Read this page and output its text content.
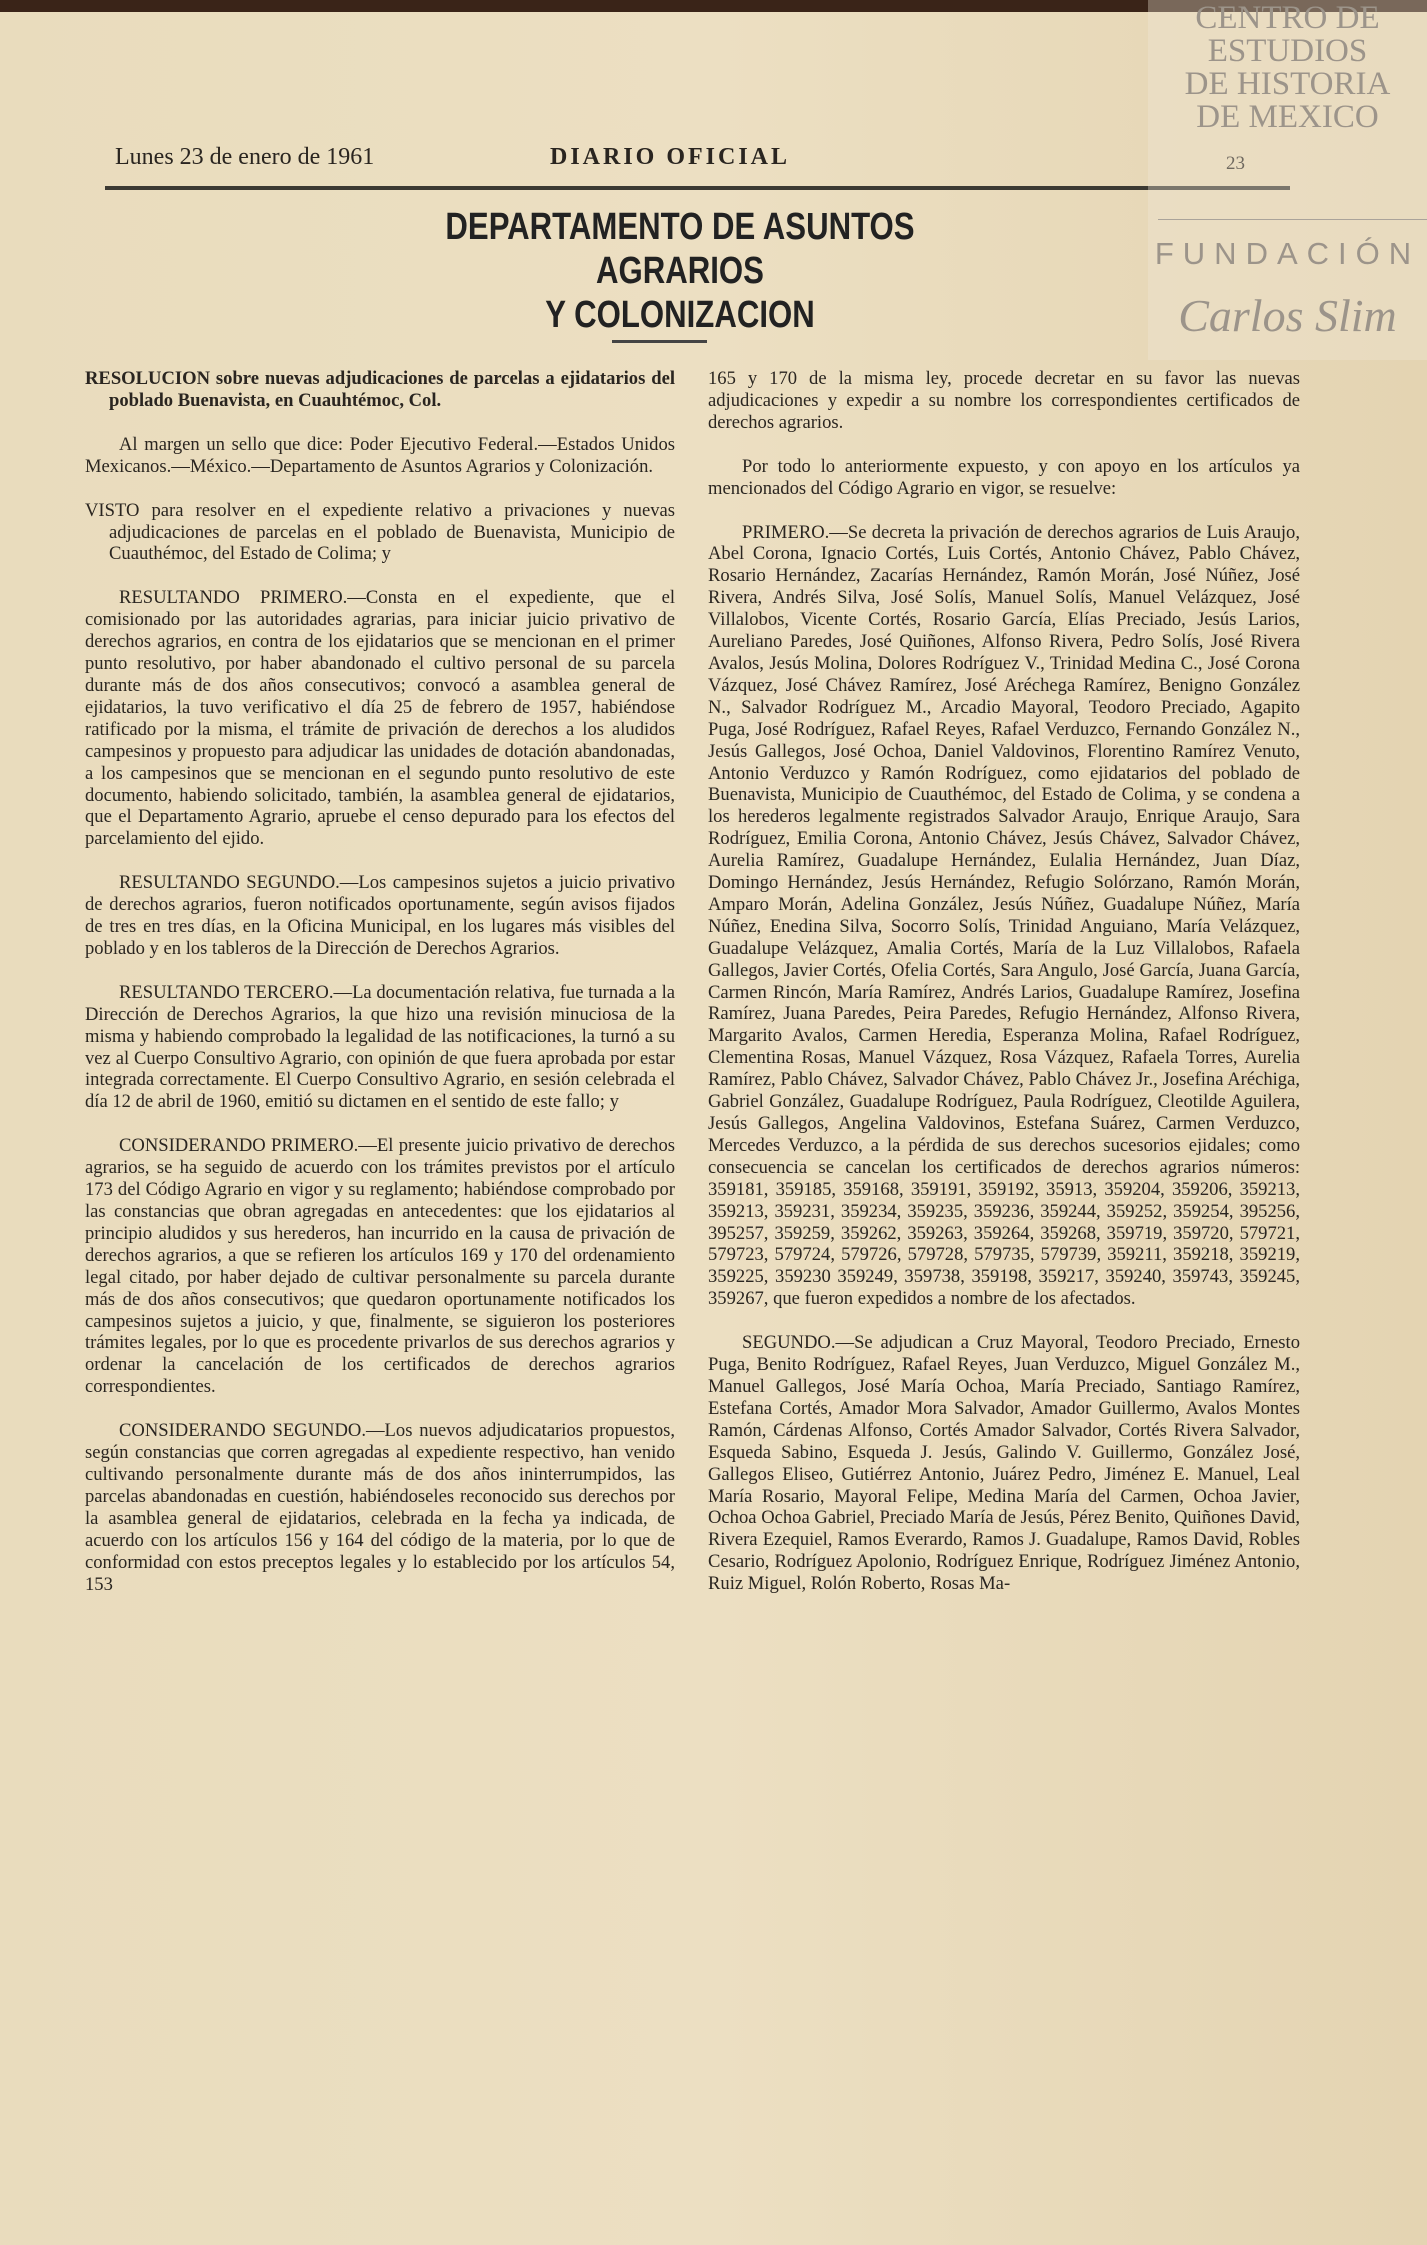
Lunes 23 de enero de 1961	DIARIO OFICIAL	23
DEPARTAMENTO DE ASUNTOS AGRARIOS
Y COLONIZACION
CENTRO DE
ESTUDIOS
DE HISTORIA
DE MEXICO
FUNDACIÓN
Carlos Slim

RESOLUCION sobre nuevas adjudicaciones de parcelas a ejidatarios del poblado Buenavista, en Cuauhtémoc, Col.

Al margen un sello que dice: Poder Ejecutivo Federal.—Estados Unidos Mexicanos.—México.—Departamento de Asuntos Agrarios y Colonización.

VISTO para resolver en el expediente relativo a privaciones y nuevas adjudicaciones de parcelas en el poblado de Buenavista, Municipio de Cuauthémoc, del Estado de Colima; y

RESULTANDO PRIMERO.—Consta en el expediente, que el comisionado por las autoridades agrarias, para iniciar juicio privativo de derechos agrarios, en contra de los ejidatarios que se mencionan en el primer punto resolutivo, por haber abandonado el cultivo personal de su parcela durante más de dos años consecutivos; convocó a asamblea general de ejidatarios, la tuvo verificativo el día 25 de febrero de 1957, habiéndose ratificado por la misma, el trámite de privación de derechos a los aludidos campesinos y propuesto para adjudicar las unidades de dotación abandonadas, a los campesinos que se mencionan en el segundo punto resolutivo de este documento, habiendo solicitado, también, la asamblea general de ejidatarios, que el Departamento Agrario, apruebe el censo depurado para los efectos del parcelamiento del ejido.

RESULTANDO SEGUNDO.—Los campesinos sujetos a juicio privativo de derechos agrarios, fueron notificados oportunamente, según avisos fijados de tres en tres días, en la Oficina Municipal, en los lugares más visibles del poblado y en los tableros de la Dirección de Derechos Agrarios.

RESULTANDO TERCERO.—La documentación relativa, fue turnada a la Dirección de Derechos Agrarios, la que hizo una revisión minuciosa de la misma y habiendo comprobado la legalidad de las notificaciones, la turnó a su vez al Cuerpo Consultivo Agrario, con opinión de que fuera aprobada por estar integrada correctamente. El Cuerpo Consultivo Agrario, en sesión celebrada el día 12 de abril de 1960, emitió su dictamen en el sentido de este fallo; y

CONSIDERANDO PRIMERO.—El presente juicio privativo de derechos agrarios, se ha seguido de acuerdo con los trámites previstos por el artículo 173 del Código Agrario en vigor y su reglamento; habiéndose comprobado por las constancias que obran agregadas en antecedentes: que los ejidatarios al principio aludidos y sus herederos, han incurrido en la causa de privación de derechos agrarios, a que se refieren los artículos 169 y 170 del ordenamiento legal citado, por haber dejado de cultivar personalmente su parcela durante más de dos años consecutivos; que quedaron oportunamente notificados los campesinos sujetos a juicio, y que, finalmente, se siguieron los posteriores trámites legales, por lo que es procedente privarlos de sus derechos agrarios y ordenar la cancelación de los certificados de derechos agrarios correspondientes.

CONSIDERANDO SEGUNDO.—Los nuevos adjudicatarios propuestos, según constancias que corren agregadas al expediente respectivo, han venido cultivando personalmente durante más de dos años ininterrumpidos, las parcelas abandonadas en cuestión, habiéndoseles reconocido sus derechos por la asamblea general de ejidatarios, celebrada en la fecha ya indicada, de acuerdo con los artículos 156 y 164 del código de la materia, por lo que de conformidad con estos preceptos legales y lo establecido por los artículos 54, 153

165 y 170 de la misma ley, procede decretar en su favor las nuevas adjudicaciones y expedir a su nombre los correspondientes certificados de derechos agrarios.

Por todo lo anteriormente expuesto, y con apoyo en los artículos ya mencionados del Código Agrario en vigor, se resuelve:

PRIMERO.—Se decreta la privación de derechos agrarios de Luis Araujo, Abel Corona, Ignacio Cortés, Luis Cortés, Antonio Chávez, Pablo Chávez, Rosario Hernández, Zacarías Hernández, Ramón Morán, José Núñez, José Rivera, Andrés Silva, José Solís, Manuel Solís, Manuel Velázquez, José Villalobos, Vicente Cortés, Rosario García, Elías Preciado, Jesús Larios, Aureliano Paredes, José Quiñones, Alfonso Rivera, Pedro Solís, José Rivera Avalos, Jesús Molina, Dolores Rodríguez V., Trinidad Medina C., José Corona Vázquez, José Chávez Ramírez, José Aréchega Ramírez, Benigno González N., Salvador Rodríguez M., Arcadio Mayoral, Teodoro Preciado, Agapito Puga, José Rodríguez, Rafael Reyes, Rafael Verduzco, Fernando González N., Jesús Gallegos, José Ochoa, Daniel Valdovinos, Florentino Ramírez Venuto, Antonio Verduzco y Ramón Rodríguez, como ejidatarios del poblado de Buenavista, Municipio de Cuauthémoc, del Estado de Colima, y se condena a los herederos legalmente registrados Salvador Araujo, Enrique Araujo, Sara Rodríguez, Emilia Corona, Antonio Chávez, Jesús Chávez, Salvador Chávez, Aurelia Ramírez, Guadalupe Hernández, Eulalia Hernández, Juan Díaz, Domingo Hernández, Jesús Hernández, Refugio Solórzano, Ramón Morán, Amparo Morán, Adelina González, Jesús Núñez, Guadalupe Núñez, María Núñez, Enedina Silva, Socorro Solís, Trinidad Anguiano, María Velázquez, Guadalupe Velázquez, Amalia Cortés, María de la Luz Villalobos, Rafaela Gallegos, Javier Cortés, Ofelia Cortés, Sara Angulo, José García, Juana García, Carmen Rincón, María Ramírez, Andrés Larios, Guadalupe Ramírez, Josefina Ramírez, Juana Paredes, Peira Paredes, Refugio Hernández, Alfonso Rivera, Margarito Avalos, Carmen Heredia, Esperanza Molina, Rafael Rodríguez, Clementina Rosas, Manuel Vázquez, Rosa Vázquez, Rafaela Torres, Aurelia Ramírez, Pablo Chávez, Salvador Chávez, Pablo Chávez Jr., Josefina Aréchiga, Gabriel González, Guadalupe Rodríguez, Paula Rodríguez, Cleotilde Aguilera, Jesús Gallegos, Angelina Valdovinos, Estefana Suárez, Carmen Verduzco, Mercedes Verduzco, a la pérdida de sus derechos sucesorios ejidales; como consecuencia se cancelan los certificados de derechos agrarios números: 359181, 359185, 359168, 359191, 359192, 35913, 359204, 359206, 359213, 359213, 359231, 359234, 359235, 359236, 359244, 359252, 359254, 395256, 395257, 359259, 359262, 359263, 359264, 359268, 359719, 359720, 579721, 579723, 579724, 579726, 579728, 579735, 579739, 359211, 359218, 359219, 359225, 359230 359249, 359738, 359198, 359217, 359240, 359743, 359245, 359267, que fueron expedidos a nombre de los afectados.

SEGUNDO.—Se adjudican a Cruz Mayoral, Teodoro Preciado, Ernesto Puga, Benito Rodríguez, Rafael Reyes, Juan Verduzco, Miguel González M., Manuel Gallegos, José María Ochoa, María Preciado, Santiago Ramírez, Estefana Cortés, Amador Mora Salvador, Amador Guillermo, Avalos Montes Ramón, Cárdenas Alfonso, Cortés Amador Salvador, Cortés Rivera Salvador, Esqueda Sabino, Esqueda J. Jesús, Galindo V. Guillermo, González José, Gallegos Eliseo, Gutiérrez Antonio, Juárez Pedro, Jiménez E. Manuel, Leal María Rosario, Mayoral Felipe, Medina María del Carmen, Ochoa Javier, Ochoa Ochoa Gabriel, Preciado María de Jesús, Pérez Benito, Quiñones David, Rivera Ezequiel, Ramos Everardo, Ramos J. Guadalupe, Ramos David, Robles Cesario, Rodríguez Apolonio, Rodríguez Enrique, Rodríguez Jiménez Antonio, Ruiz Miguel, Rolón Roberto, Rosas Ma-
